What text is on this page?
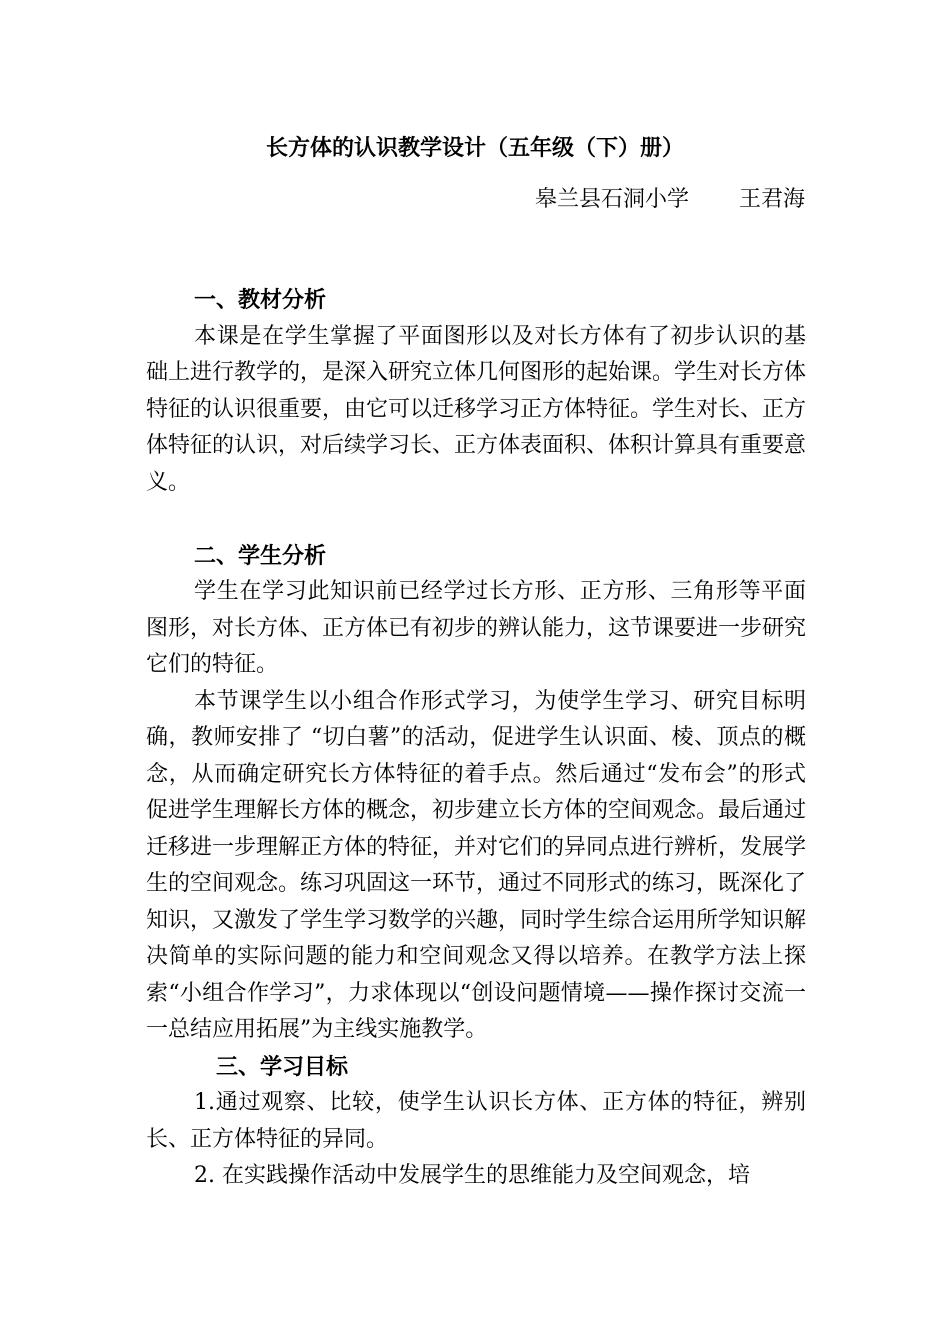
长方体的认识教学设计（五年级（下）册）
皋兰县石洞小学 王君海
一、教材分析

本课是在学生掌握了平面图形以及对长方体有了初步认识的基础上进行教学的，是深入研究立体几何图形的起始课。学生对长方体特征的认识很重要，由它可以迁移学习正方体特征。学生对长、正方体特征的认识，对后续学习长、正方体表面积、体积计算具有重要意义。

二、学生分析

学生在学习此知识前已经学过长方形、正方形、三角形等平面图形，对长方体、正方体已有初步的辨认能力，这节课要进一步研究它们的特征。

本节课学生以小组合作形式学习，为使学生学习、研究目标明确，教师安排了 “切白薯”的活动，促进学生认识面、棱、顶点的概念，从而确定研究长方体特征的着手点。然后通过“发布会”的形式促进学生理解长方体的概念，初步建立长方体的空间观念。最后通过迁移进一步理解正方体的特征，并对它们的异同点进行辨析，发展学生的空间观念。练习巩固这一环节，通过不同形式的练习，既深化了知识，又激发了学生学习数学的兴趣，同时学生综合运用所学知识解决简单的实际问题的能力和空间观念又得以培养。在教学方法上探索“小组合作学习”，力求体现以“创设问题情境——操作探讨交流一一总结应用拓展”为主线实施教学。

三、学习目标

1.通过观察、比较，使学生认识长方体、正方体的特征，辨别长、正方体特征的异同。

2. 在实践操作活动中发展学生的思维能力及空间观念，培
